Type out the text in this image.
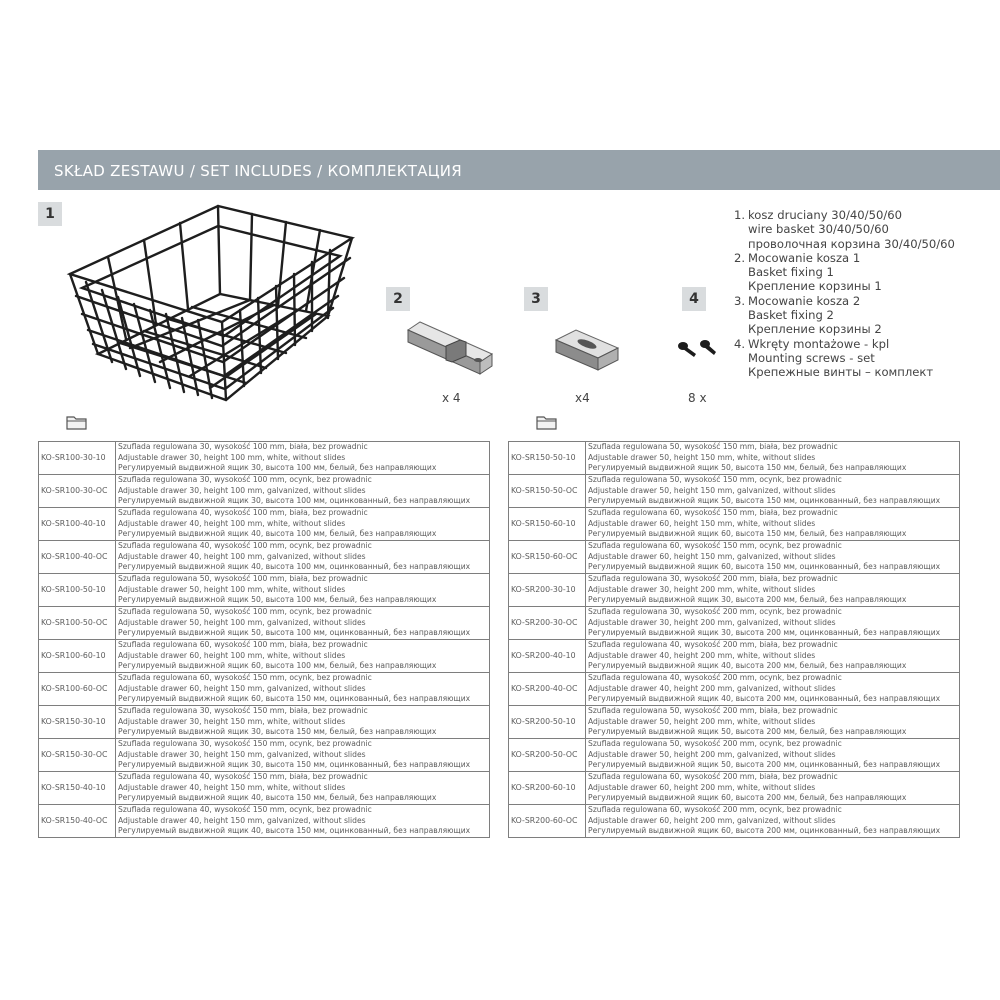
SKŁAD ZESTAWU / SET INCLUDES / КОМПЛЕКТАЦИЯ
1
2	3	4
x 4	x4	8 x
1. kosz druciany 30/40/50/60
wire basket 30/40/50/60
проволочная корзина 30/40/50/60
2. Mocowanie kosza 1
Basket fixing 1
Крепление корзины 1
3. Mocowanie kosza 2
Basket fixing 2
Крепление корзины 2
4. Wkręty montażowe - kpl
Mounting screws - set
Крепежные винты – комплект
KO-SR100-30-10	Szuflada regulowana 30, wysokość 100 mm, biała, bez prowadnic
Adjustable drawer 30, height 100 mm, white, without slides
Регулируемый выдвижной ящик 30, высота 100 мм, белый, без направляющих

KO-SR100-30-OC	Szuflada regulowana 30, wysokość 100 mm, ocynk, bez prowadnic
Adjustable drawer 30, height 100 mm, galvanized, without slides
Регулируемый выдвижной ящик 30, высота 100 мм, оцинкованный, без направляющих

KO-SR100-40-10	Szuflada regulowana 40, wysokość 100 mm, biała, bez prowadnic
Adjustable drawer 40, height 100 mm, white, without slides
Регулируемый выдвижной ящик 40, высота 100 мм, белый, без направляющих

KO-SR100-40-OC	Szuflada regulowana 40, wysokość 100 mm, ocynk, bez prowadnic
Adjustable drawer 40, height 100 mm, galvanized, without slides
Регулируемый выдвижной ящик 40, высота 100 мм, оцинкованный, без направляющих

KO-SR100-50-10	Szuflada regulowana 50, wysokość 100 mm, biała, bez prowadnic
Adjustable drawer 50, height 100 mm, white, without slides
Регулируемый выдвижной ящик 50, высота 100 мм, белый, без направляющих

KO-SR100-50-OC	Szuflada regulowana 50, wysokość 100 mm, ocynk, bez prowadnic
Adjustable drawer 50, height 100 mm, galvanized, without slides
Регулируемый выдвижной ящик 50, высота 100 мм, оцинкованный, без направляющих

KO-SR100-60-10	Szuflada regulowana 60, wysokość 100 mm, biała, bez prowadnic
Adjustable drawer 60, height 100 mm, white, without slides
Регулируемый выдвижной ящик 60, высота 100 мм, белый, без направляющих

KO-SR100-60-OC	Szuflada regulowana 60, wysokość 150 mm, ocynk, bez prowadnic
Adjustable drawer 60, height 150 mm, galvanized, without slides
Регулируемый выдвижной ящик 60, высота 150 мм, оцинкованный, без направляющих

KO-SR150-30-10	Szuflada regulowana 30, wysokość 150 mm, biała, bez prowadnic
Adjustable drawer 30, height 150 mm, white, without slides
Регулируемый выдвижной ящик 30, высота 150 мм, белый, без направляющих

KO-SR150-30-OC	Szuflada regulowana 30, wysokość 150 mm, ocynk, bez prowadnic
Adjustable drawer 30, height 150 mm, galvanized, without slides
Регулируемый выдвижной ящик 30, высота 150 мм, оцинкованный, без направляющих

KO-SR150-40-10	Szuflada regulowana 40, wysokość 150 mm, biała, bez prowadnic
Adjustable drawer 40, height 150 mm, white, without slides
Регулируемый выдвижной ящик 40, высота 150 мм, белый, без направляющих

KO-SR150-40-OC	Szuflada regulowana 40, wysokość 150 mm, ocynk, bez prowadnic
Adjustable drawer 40, height 150 mm, galvanized, without slides
Регулируемый выдвижной ящик 40, высота 150 мм, оцинкованный, без направляющих
KO-SR150-50-10	Szuflada regulowana 50, wysokość 150 mm, biała, bez prowadnic
Adjustable drawer 50, height 150 mm, white, without slides
Регулируемый выдвижной ящик 50, высота 150 мм, белый, без направляющих

KO-SR150-50-OC	Szuflada regulowana 50, wysokość 150 mm, ocynk, bez prowadnic
Adjustable drawer 50, height 150 mm, galvanized, without slides
Регулируемый выдвижной ящик 50, высота 150 мм, оцинкованный, без направляющих

KO-SR150-60-10	Szuflada regulowana 60, wysokość 150 mm, biała, bez prowadnic
Adjustable drawer 60, height 150 mm, white, without slides
Регулируемый выдвижной ящик 60, высота 150 мм, белый, без направляющих

KO-SR150-60-OC	Szuflada regulowana 60, wysokość 150 mm, ocynk, bez prowadnic
Adjustable drawer 60, height 150 mm, galvanized, without slides
Регулируемый выдвижной ящик 60, высота 150 мм, оцинкованный, без направляющих

KO-SR200-30-10	Szuflada regulowana 30, wysokość 200 mm, biała, bez prowadnic
Adjustable drawer 30, height 200 mm, white, without slides
Регулируемый выдвижной ящик 30, высота 200 мм, белый, без направляющих

KO-SR200-30-OC	Szuflada regulowana 30, wysokość 200 mm, ocynk, bez prowadnic
Adjustable drawer 30, height 200 mm, galvanized, without slides
Регулируемый выдвижной ящик 30, высота 200 мм, оцинкованный, без направляющих

KO-SR200-40-10	Szuflada regulowana 40, wysokość 200 mm, biała, bez prowadnic
Adjustable drawer 40, height 200 mm, white, without slides
Регулируемый выдвижной ящик 40, высота 200 мм, белый, без направляющих

KO-SR200-40-OC	Szuflada regulowana 40, wysokość 200 mm, ocynk, bez prowadnic
Adjustable drawer 40, height 200 mm, galvanized, without slides
Регулируемый выдвижной ящик 40, высота 200 мм, оцинкованный, без направляющих

KO-SR200-50-10	Szuflada regulowana 50, wysokość 200 mm, biała, bez prowadnic
Adjustable drawer 50, height 200 mm, white, without slides
Регулируемый выдвижной ящик 50, высота 200 мм, белый, без направляющих

KO-SR200-50-OC	Szuflada regulowana 50, wysokość 200 mm, ocynk, bez prowadnic
Adjustable drawer 50, height 200 mm, galvanized, without slides
Регулируемый выдвижной ящик 50, высота 200 мм, оцинкованный, без направляющих

KO-SR200-60-10	Szuflada regulowana 60, wysokość 200 mm, biała, bez prowadnic
Adjustable drawer 60, height 200 mm, white, without slides
Регулируемый выдвижной ящик 60, высота 200 мм, белый, без направляющих

KO-SR200-60-OC	Szuflada regulowana 60, wysokość 200 mm, ocynk, bez prowadnic
Adjustable drawer 60, height 200 mm, galvanized, without slides
Регулируемый выдвижной ящик 60, высота 200 мм, оцинкованный, без направляющих
